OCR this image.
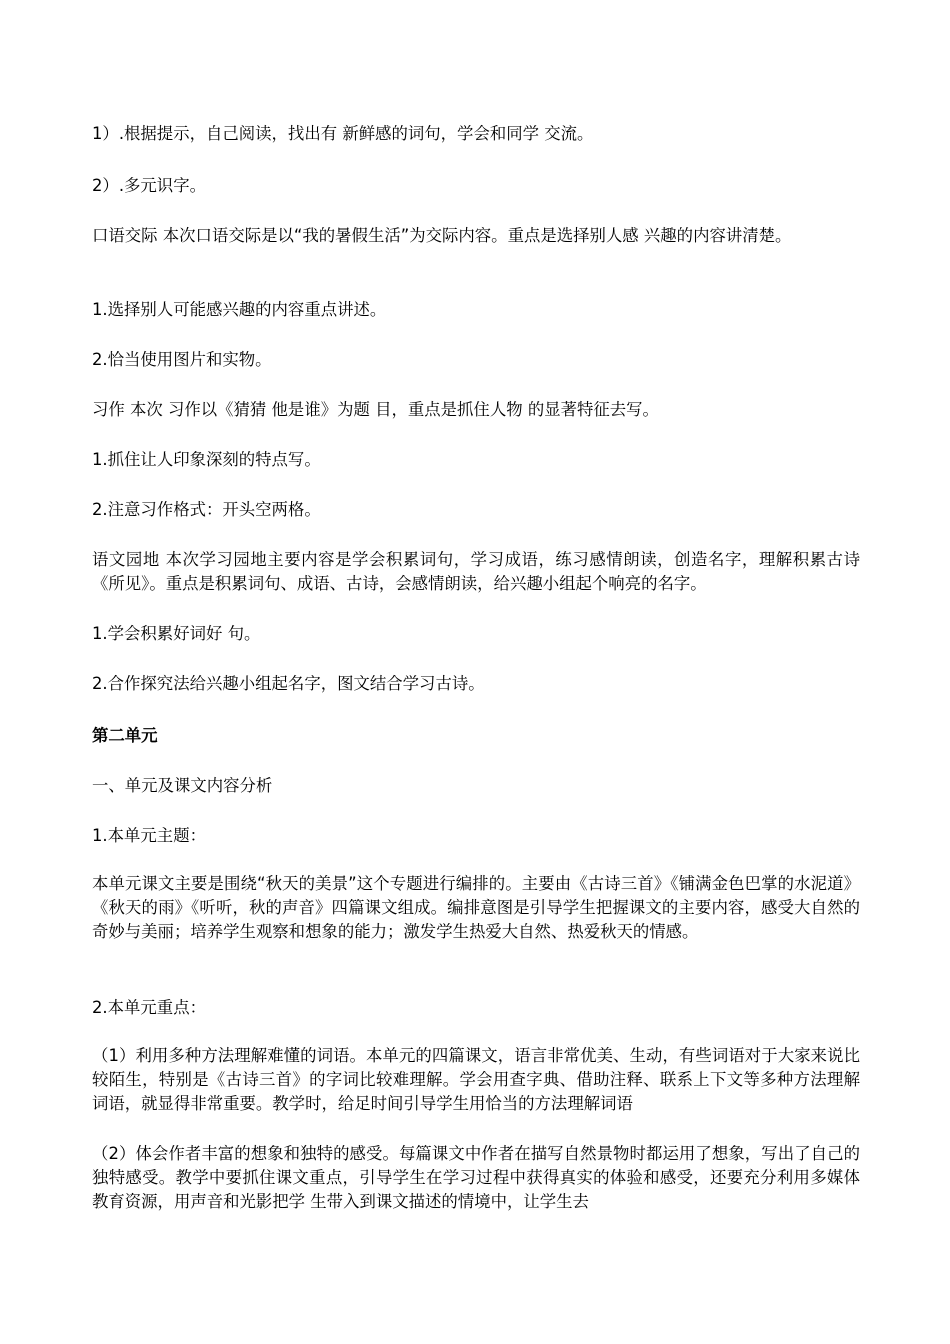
1）.根据提示，自己阅读，找出有 新鲜感的词句，学会和同学 交流。

2）.多元识字。

口语交际 本次口语交际是以“我的暑假生活”为交际内容。重点是选择别人感 兴趣的内容讲清楚。

1.选择别人可能感兴趣的内容重点讲述。

2.恰当使用图片和实物。

习作 本次 习作以《猜猜 他是谁》为题 目，重点是抓住人物 的显著特征去写。

1.抓住让人印象深刻的特点写。

2.注意习作格式：开头空两格。

语文园地 本次学习园地主要内容是学会积累词句，学习成语，练习感情朗读，创造名字，理解积累古诗《所见》。重点是积累词句、成语、古诗，会感情朗读，给兴趣小组起个响亮的名字。

1.学会积累好词好 句。

2.合作探究法给兴趣小组起名字，图文结合学习古诗。

第二单元

一、单元及课文内容分析

1.本单元主题：

本单元课文主要是围绕“秋天的美景”这个专题进行编排的。主要由《古诗三首》《铺满金色巴掌的水泥道》《秋天的雨》《听听，秋的声音》四篇课文组成。编排意图是引导学生把握课文的主要内容，感受大自然的奇妙与美丽；培养学生观察和想象的能力；激发学生热爱大自然、热爱秋天的情感。

2.本单元重点：

（1）利用多种方法理解难懂的词语。本单元的四篇课文，语言非常优美、生动，有些词语对于大家来说比较陌生，特别是《古诗三首》的字词比较难理解。学会用查字典、借助注释、联系上下文等多种方法理解词语，就显得非常重要。教学时，给足时间引导学生用恰当的方法理解词语

（2）体会作者丰富的想象和独特的感受。每篇课文中作者在描写自然景物时都运用了想象，写出了自己的独特感受。教学中要抓住课文重点，引导学生在学习过程中获得真实的体验和感受，还要充分利用多媒体教育资源，用声音和光影把学 生带入到课文描述的情境中，让学生去
